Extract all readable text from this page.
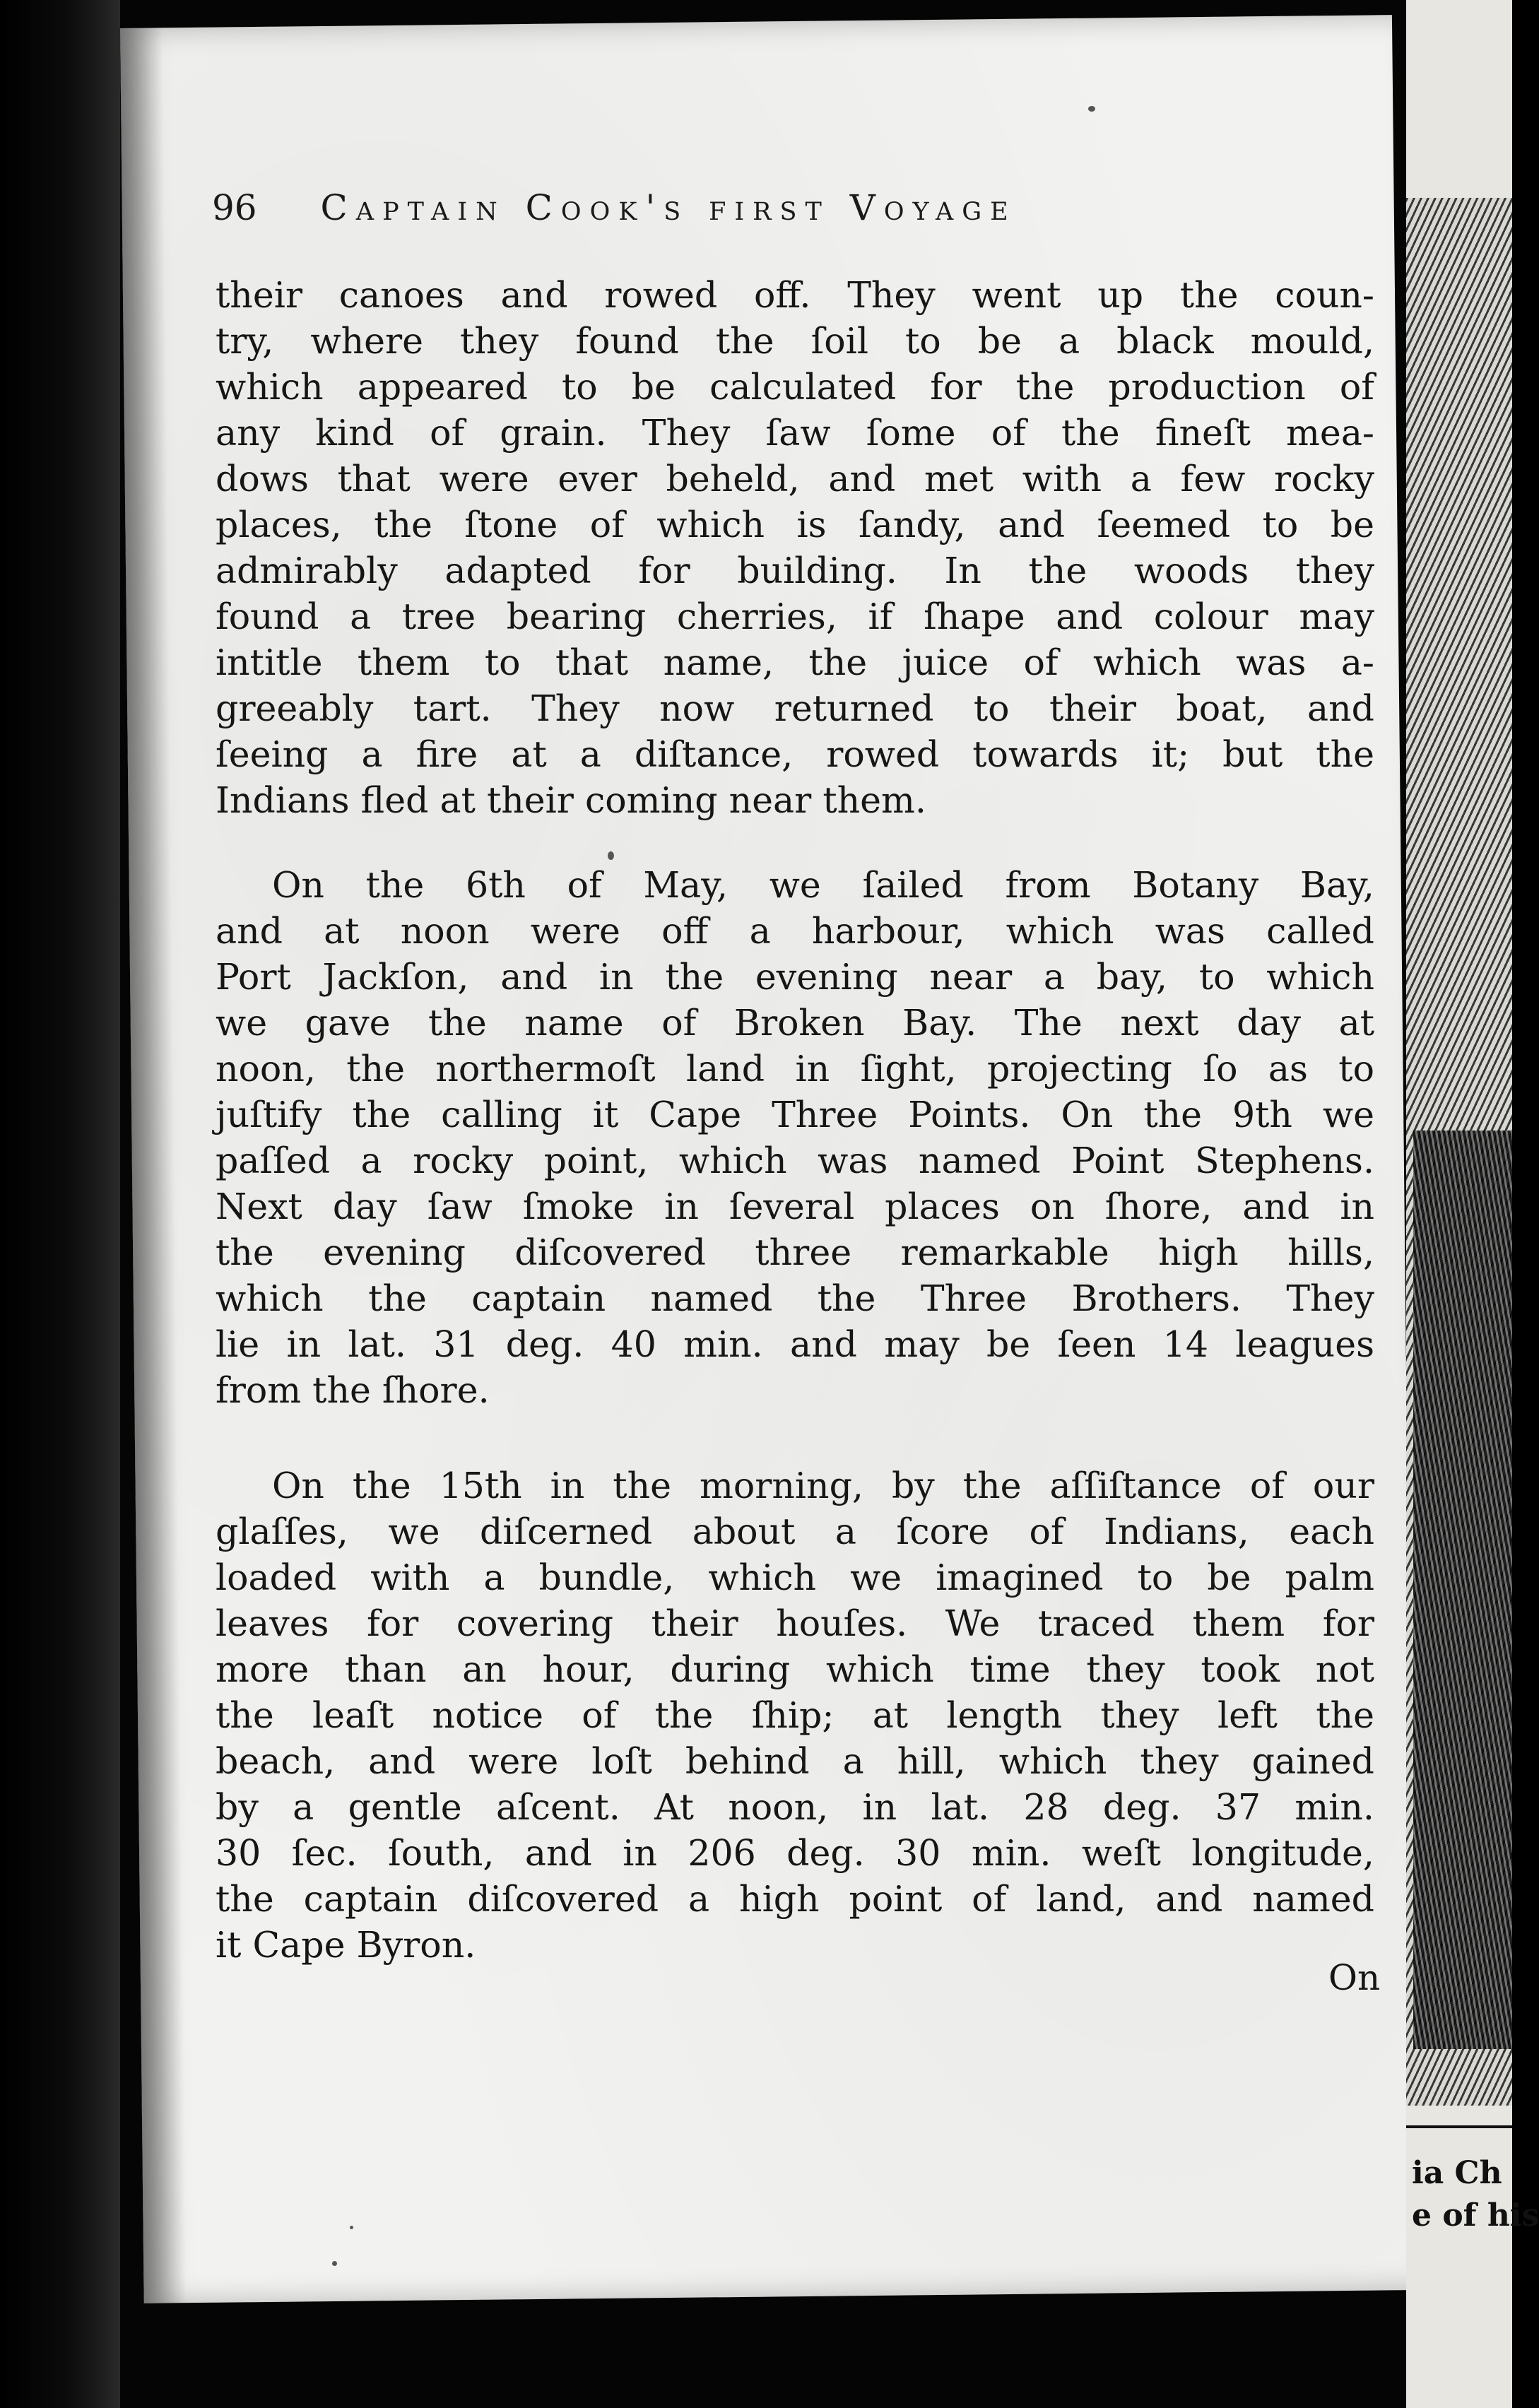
96 Captain Cook's first Voyage
their canoes and rowed off. They went up the coun-
try, where they found the ſoil to be a black mould,
which appeared to be calculated for the production of
any kind of grain. They ſaw ſome of the fineſt mea-
dows that were ever beheld, and met with a few rocky
places, the ſtone of which is ſandy, and ſeemed to be
admirably adapted for building. In the woods they
found a tree bearing cherries, if ſhape and colour may
intitle them to that name, the juice of which was a-
greeably tart. They now returned to their boat, and
ſeeing a fire at a diſtance, rowed towards it; but the
Indians fled at their coming near them.
On the 6th of May, we ſailed from Botany Bay,
and at noon were off a harbour, which was called
Port Jackſon, and in the evening near a bay, to which
we gave the name of Broken Bay. The next day at
noon, the northermoſt land in ſight, projecting ſo as to
juſtify the calling it Cape Three Points. On the 9th we
paſſed a rocky point, which was named Point Stephens.
Next day ſaw ſmoke in ſeveral places on ſhore, and in
the evening diſcovered three remarkable high hills,
which the captain named the Three Brothers. They
lie in lat. 31 deg. 40 min. and may be ſeen 14 leagues
from the ſhore.
On the 15th in the morning, by the aſſiſtance of our
glaſſes, we diſcerned about a ſcore of Indians, each
loaded with a bundle, which we imagined to be palm
leaves for covering their houſes. We traced them for
more than an hour, during which time they took not
the leaſt notice of the ſhip; at length they left the
beach, and were loſt behind a hill, which they gained
by a gentle aſcent. At noon, in lat. 28 deg. 37 min.
30 ſec. ſouth, and in 206 deg. 30 min. weſt longitude,
the captain diſcovered a high point of land, and named
it Cape Byron.
On
ia Ch
e of his
